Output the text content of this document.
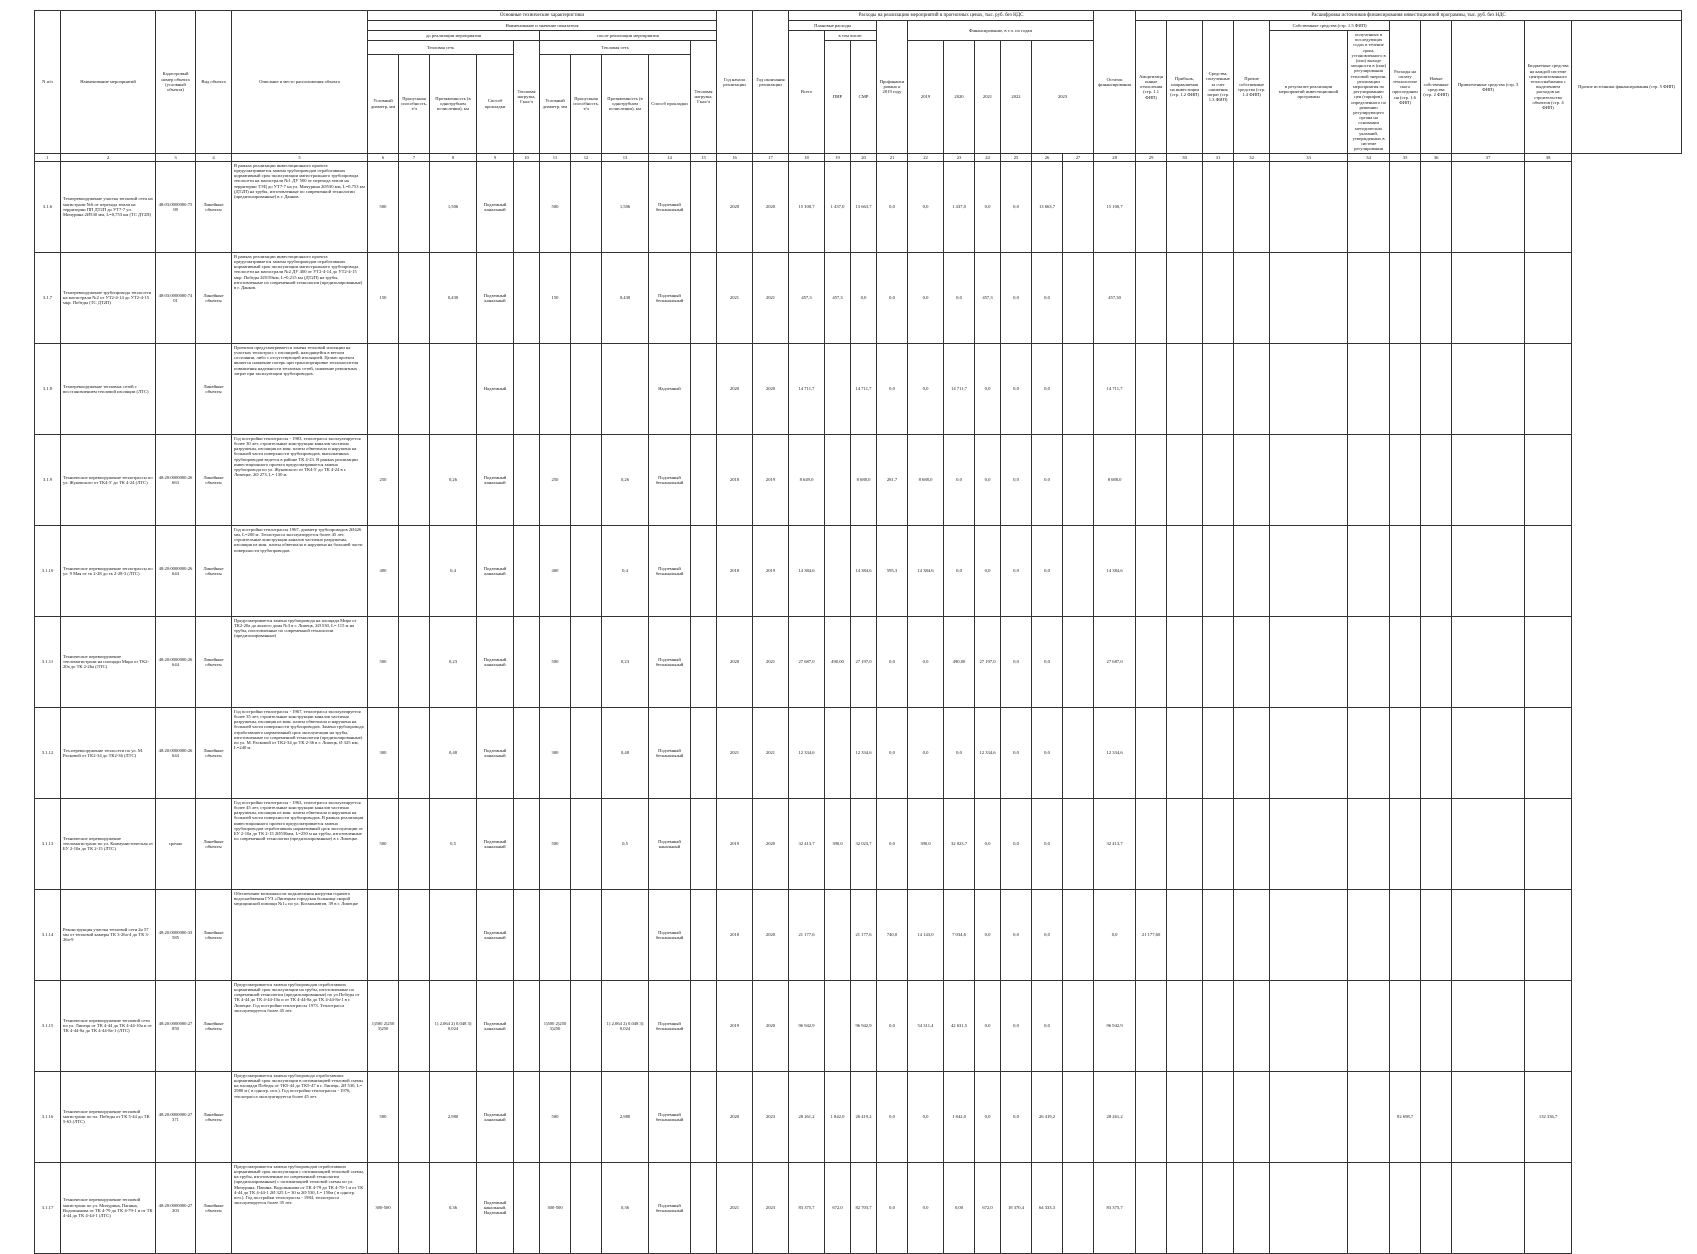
N п/п	Наименование мероприятий	Кадастровый номер объекта (условный объекта)	Вид объекта	Описание и место расположения объекта	Основные технические характеристики										Год начала реализации	Год окончания реализации	Расходы на реализацию мероприятий в прогнозных ценах, тыс. руб. без НДС										Остаток финансирования	Расшифровка источников финансирования инвестиционной программы, тыс. руб. без НДС										
					Наименование и значение показателя												Плановые расходы			Профинансировано к 2019 году	Финансирование, в т.ч. по годам							Амортизационные отчисления (стр. 1.1 ФИП)	Прибыль, направляемая на инвестиции (стр. 1.2 ФИП)	Средства, полученные за счет снижения затрат (стр. 1.3 ФИП)	Прочие собственные средства (стр. 1.4 ФИП)	Собственные средства (стр. 1.5 ФИП)		Расходы на оплату технологического присоединения (стр. 1.6 ФИП)	Новые собственные средства (стр. 2 ФИП)	Привлеченные средства (стр. 3 ФИП)	Бюджетные средства на каждой системе централизованного теплоснабжения с выделением расходов на строительство объектов (стр. 4 ФИП)	Прочие источники финансирования (стр. 5 ФИП)
					до реализации мероприятия					после реализации мероприятия							Всего	в том числе:														в результате реализации мероприятий инвестиционной программы	полученных в последующих годах в течение срока, установленного в (или) выходе мощности в (или) регулирования тепловой энергии, реализации мероприятия по регулированию цен (тарифов), определенного по решению регулирующего органа на основании методических указаний, утвержденных в системе регулирования					
					Тепловая сеть				Тепловая нагрузка, Гкал/ч	Тепловая сеть				Тепловая нагрузка, Гкал/ч				ПИР	СМР		2019	2020	2021	2022	2023													
					Условный диаметр, мм	Пропускная способность, т/ч	Протяженность (в однотрубном исчислении), км	Способ прокладки		Условный диаметр, мм	Пропускная способность, т/ч	Протяженность (в однотрубном исчислении), км	Способ прокладки																									
1	2	3	4	5	6	7	8	9	10	11	12	13	14	15	16	17	18	19	20	21	22	23	24	25	26	27	28	29	30	31	32	33	34	35	36	37	38	
3.1.6	Техперевооружение участка тепловой сети на магистрали №6 от перехода земли на территории ПП ДТ2П до УТ7-7 ул. Мичурина 2Ø530 мм, L=0,753 км (ТС ДТ2П)	48:03:0000000:7508	Линейные объекты	В рамках реализации инвестиционного проекта предусматривается замена трубопроводов отработавших нормативный срок эксплуатации магистрального трубопровода теплосети на магистрали №1 ДУ 500 от перехода земли на территории ТЭЦ до УТ7-7 на ул. Мичурина 2Ø530 мм, L=0,753 км (ДТ2П) на трубы, изготовленные по современной технологии (предизолированные) в г. Данков.	500		1,506	Подземный канальный		500		1,506	Подземный бесканальный		2020	2020	15 100,7	1 437,0	13 663,7	0,0	0,0	1 437,0	0,0	0,0	13 663,7		15 100,7											
3.1.7	Техперевооружение трубопровода теплосети на магистрали №2 от УТ2-4-14 до УТ2-4-15 мкр. Победы (ТС ДТ2П)	48:03:0000000:7401	Линейные объекты	В рамках реализации инвестиционного проекта предусматривается замена трубопроводов отработавших нормативный срок эксплуатации магистрального трубопровода теплосети на магистрали №2 ДУ 400 от УТ2-4-14 до УТ2-4-15 мкр. Победы 2Ø159мм, L=0,215 км (ДТ2П) на трубы, изготовленные по современной технологии (предизолированные) в г. Данков.	150		0,430	Подземный канальный		150		0,430	Подземный бесканальный		2021	2021	457,3	457,3	0,0	0,0	0,0	0,0	457,3	0,0	0,0		457,30											
3.1.8	Техперевооружение тепловых сетей с восстановлением тепловой изоляции (ЛТС)		Линейные объекты	Проектом предусматривается замена тепловой изоляции на участках теплотрасс с изоляцией, находящейся в ветхом состоянии, либо с отсутствующей изоляцией. Целью проекта является снижение потерь при транспортировке теплоносителя повышения надежности тепловых сетей, снижение ремонтных затрат при эксплуатации трубопроводов.				Надземный					Надземный		2020	2020	14 711,7		14 711,7	0,0	0,0	14 711,7	0,0	0,0	0,0		14 711,7											
3.1.9	Техническое перевооружение теплотрассы по ул. Жуковского от ТК4-5' до ТК 4-24 (ЛТС)	48:20:0000000:26663	Линейные объекты	Год постройки теплотрассы - 1983, теплотрасса эксплуатируется более 30 лет, строительные конструкции каналов частично разрушены, изоляция из мин. плиты обветшала и нарушена на большей части поверхности трубопроводов, выполненных трубопроводов ведется в районе ТК 4-23. В рамках реализации инвестиционного проекта предусматривается замена трубопровода по ул. Жуковского от ТК4-5' до ТК 4-24 в г. Липецке, 2Ø 273, L= 130 м.	250		0,26	Подземный канальный		250		0,26	Подземный бесканальный		2018	2019	8 649,0		8 688,0	281,7	8 688,0	0,0	0,0	0,0	0,0		8 688,0											
3.1.10	Техническое перевооружение теплотрассы по ул. 9 Мая от тк 2-28 до тк 2-28-3 (ЛТС)	48:20:0000000:26644	Линейные объекты	Год постройки теплотрассы 1967, диаметр трубопроводов 2Ø426 мм, L=200 м. Теплотрасса эксплуатируется более 45 лет, строительные конструкции каналов частично разрушены, изоляция из мин. плиты обветшала и нарушена на большей части поверхности трубопроводов.	400		0,4	Подземный канальный		400		0,4	Подземный бесканальный		2018	2019	14 384,6		14 384,6	595,3	14 384,6	0,0	0,0	0,0	0,0		14 384,6											
3.1.11	Техническое перевооружение тепломагистрали на площади Мира от ТК2-20а до ТК 2-26а (ЛТС)	48:20:0000000:26644	Линейные объекты	Предусматривается замена трубопровода на площади Мира от ТК2-20а до жилого дома №3 в г. Липецк, 2Ø 530, L= 115 м на трубы, изготовленные по современной технологии (предизолированные)	500		0,23	Подземный канальный		500		0,23	Подземный бесканальный		2020	2021	27 687,0	490,00	27 197,0	0,0	0,0	490,00	27 197,0	0,0	0,0		27 687,0											
3.1.12	Тех.перевооружение теплосети по ул. М. Расковой от ТК2-34 до ТК2-36 (ЛТС)	48:20:0000000:26644	Линейные объекты	Год постройки теплотрассы - 1967, теплотрасса эксплуатируется более 35 лет, строительные конструкции каналов частично разрушены, изоляция из мин. плиты обветшала и нарушена на большей части поверхности трубопроводов. Замена трубопровода отработавшего нормативный срок эксплуатации на трубы, изготовленные по современной технологии (предизолированные) по ул. М. Расковой от ТК2-34 до ТК 2-36 в г. Липецк, Ø 325 мм, L=240 м.	300		0,48	Подземный канальный		300		0,48	Подземный бесканальный		2021	2021	12 334,6		12 334,6	0,0	0,0	0,0	12 334,6	0,0	0,0		12 334,6											
3.1.13	Техническое перевооружение тепломагистрали по ул. Коммунистическая от БУ 2-10а до ТК 2-15 (ЛТС)	срочно	Линейные объекты	Год постройки теплотрассы - 1963, теплотрасса эксплуатируется более 45 лет, строительные конструкции каналов частично разрушены, изоляция из мин. плиты обветшала и нарушена на большей части поверхности трубопроводов. В рамках реализации инвестиционного проекта предусматривается замена трубопроводов отработавших нормативный срок эксплуатации от БУ 2-10а до ТК 2-15 2Ø530мм, L=250 м на трубы, изготовленные по современной технологии (предизолированные) в г. Липецке.	500		0,5	Подземный канальный		500		0,5	Подземный канальный		2019	2020	32 413,7	390,0	32 023,7	0,0	390,0	32 023,7	0,0	0,0	0,0		32 413,7											
3.1.14	Реконструкция участка тепловой сети 2ø 57 мм от тепловой камеры ТК 3-26а-4 до ТК 3-26а-9	48:20:0000000:33585	Линейные объекты	Обеспечение возможности подключения нагрузки горячего водоснабжения ГУЗ «Липецкая городская больница скорой медицинской помощи №1» по ул. Космонавтов, 39 в г. Липецке				Подземный канальный					Подземный бесканальный		2018	2020	21 177,6		21 177,6	740,0	14 143,0	7 034,6	0,0	0,0	0,0		0,0	21 177,60										
3.1.15	Техническое перевооружение тепловой сети по ул. Липецк от ТК 4-44 до ТК 4-44-10а и от ТК 4-44-8а до ТК 4-44-8а-1 (ЛТС)	48:20:0000000:27850	Линейные объекты	Предусматривается замена трубопроводов отработавших нормативный срок эксплуатации на трубы, изготовленные по современной технологии (предизолированные) по ул.Победы от ТК 4-44 до ТК 4-44-10а и от ТК 4-44-8а до ТК 4-44-8а-1 в г. Липецке. Год постройки теплотрассы 1973. Теплотрасса эксплуатируется более 45 лет.	1)500 2)250 3)250		1) 2,064 2) 0,048 3) 0,024	Подземный канальный		1)500 2)250 3)250		1) 2,064 2) 0,048 3) 0,024	Подземный бесканальный		2019	2020	96 942,9		96 942,9	0,0	54 311,4	42 631,5	0,0	0,0	0,0		96 942,9											
3.1.16	Техническое перевооружение тепловой магистрали по пл. Победы от ТК 5-44 до ТК 5-63 (ЛТС)	48:20:0000000:27371	Линейные объекты	Предусматривается замена трубопровода отработавших нормативный срок эксплуатации в оптимизацией тепловой схемы на площади Победы от ТК5-44 до ТК5-47 в г. Липецк, 2Ø 530, L= 2980 м ( в однотр. исч.). Год постройки теплотрассы - 1976, теплотрасса эксплуатируется более 45 лет.	500		2,980	Подземный канальный		500		2,980	Подземный бесканальный		2020	2023	28 261,2	1 842,0	26 419,2	0,0	0,0	1 842,0	0,0	0,0	26 419,2		28 261,2							82 698,7			132 336,7	
3.1.17	Техническое перевооружение тепловой магистрали по ул. Мичурина, Папина, Водопьянова от ТК 4-79 до ТК 4-79-1 и от ТК 4-44 до ТК 4-44-1 (ЛТС)	48:20:0000000:27203	Линейные объекты	Предусматривается замена трубопроводов отработавших нормативный срок эксплуатации с оптимизацией тепловой схемы, на трубы, изготовленные по современной технологии (предизолированные) с оптимизацией тепловой схемы по ул. Мичурина, Папина, Водопьянова от ТК 4-79 до ТК 4-79-1 и от ТК 4-44 до ТК 4-44-1 2Ø 325 L= 30 м 2Ø 530, L= 150м ( в однотр. исч.). Год постройки теплотрассы - 1984, теплотрасса эксплуатируется более 35 лет.	300-500		0,36	Подземный канальный, Надземный		300-500		0,36	Подземный бесканальный		2021	2023	83 375,7	672,0	82 703,7	0,0	0,0	0,00	672,0	18 370,4	64 333,3		83 375,7											
